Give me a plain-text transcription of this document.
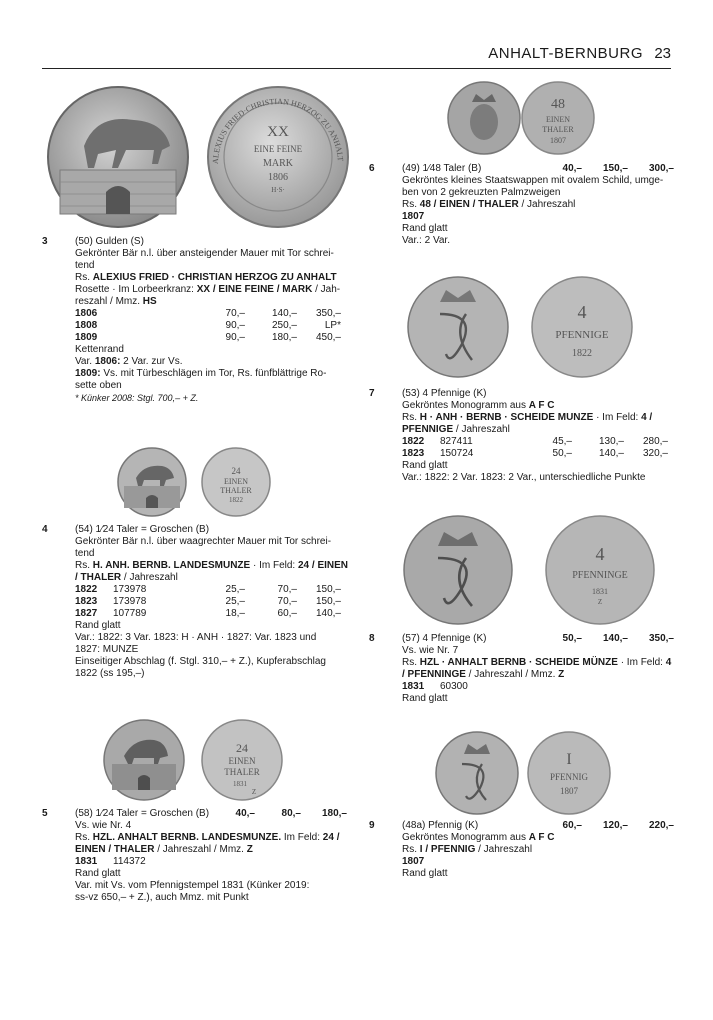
ANHALT-BERNBURG 23
XX
EINE FEINE
MARK
1806
H·S·
ALEXIUS FRIED·CHRISTIAN HERZOG ZU ANHALT
3	(50) Gulden (S)
Gekrönter Bär n.l. über ansteigender Mauer mit Tor schrei-
tend
Rs. ALEXIUS FRIED · CHRISTIAN HERZOG ZU ANHALT
Rosette · Im Lorbeerkranz: XX / EINE FEINE / MARK / Jah-
reszahl / Mmz. HS
1806	70,–	140,–	350,–
1808	90,–	250,–	LP*
1809	90,–	180,–	450,–
Kettenrand
Var. 1806: 2 Var. zur Vs.
1809: Vs. mit Türbeschlägen im Tor, Rs. fünfblättrige Ro-
sette oben
* Künker 2008: Stgl. 700,– + Z.
24
EINEN
THALER
1822
4	(54) 1⁄24 Taler = Groschen (B)
Gekrönter Bär n.l. über waagrechter Mauer mit Tor schrei-
tend
Rs. H. ANH. BERNB. LANDESMUNZE · Im Feld: 24 / EINEN
/ THALER / Jahreszahl
1822	173978	25,–	70,–	150,–
1823	173978	25,–	70,–	150,–
1827	107789	18,–	60,–	140,–
Rand glatt
Var.: 1822: 3 Var. 1823: H · ANH · 1827: Var. 1823 und
1827: MUNZE
Einseitiger Abschlag (f. Stgl. 310,– + Z.), Kupferabschlag
1822 (ss 195,–)
24
EINEN
THALER
1831
Z
5	(58) 1⁄24 Taler = Groschen (B)	40,–	80,–	180,–
Vs. wie Nr. 4
Rs. HZL. ANHALT BERNB. LANDESMUNZE. Im Feld: 24 /
EINEN / THALER / Jahreszahl / Mmz. Z
1831	114372
Rand glatt
Var. mit Vs. vom Pfennigstempel 1831 (Künker 2019:
ss-vz 650,– + Z.), auch Mmz. mit Punkt
48
EINEN
THALER
1807
6	(49) 1⁄48 Taler (B)	40,–	150,–	300,–
Gekröntes kleines Staatswappen mit ovalem Schild, umge-
ben von 2 gekreuzten Palmzweigen
Rs. 48 / EINEN / THALER / Jahreszahl
1807
Rand glatt
Var.: 2 Var.
4
PFENNIGE
1822
7	(53) 4 Pfennige (K)
Gekröntes Monogramm aus A F C
Rs. H · ANH · BERNB · SCHEIDE MUNZE · Im Feld: 4 /
PFENNIGE / Jahreszahl
1822	827411	45,–	130,–	280,–
1823	150724	50,–	140,–	320,–
Rand glatt
Var.: 1822: 2 Var. 1823: 2 Var., unterschiedliche Punkte
4
PFENNINGE
1831
Z
8	(57) 4 Pfennige (K)	50,–	140,–	350,–
Vs. wie Nr. 7
Rs. HZL · ANHALT BERNB · SCHEIDE MÜNZE · Im Feld: 4
/ PFENNINGE / Jahreszahl / Mmz. Z
1831	60300
Rand glatt
I
PFENNIG
1807
9	(48a) Pfennig (K)	60,–	120,–	220,–
Gekröntes Monogramm aus A F C
Rs. I / PFENNIG / Jahreszahl
1807
Rand glatt
